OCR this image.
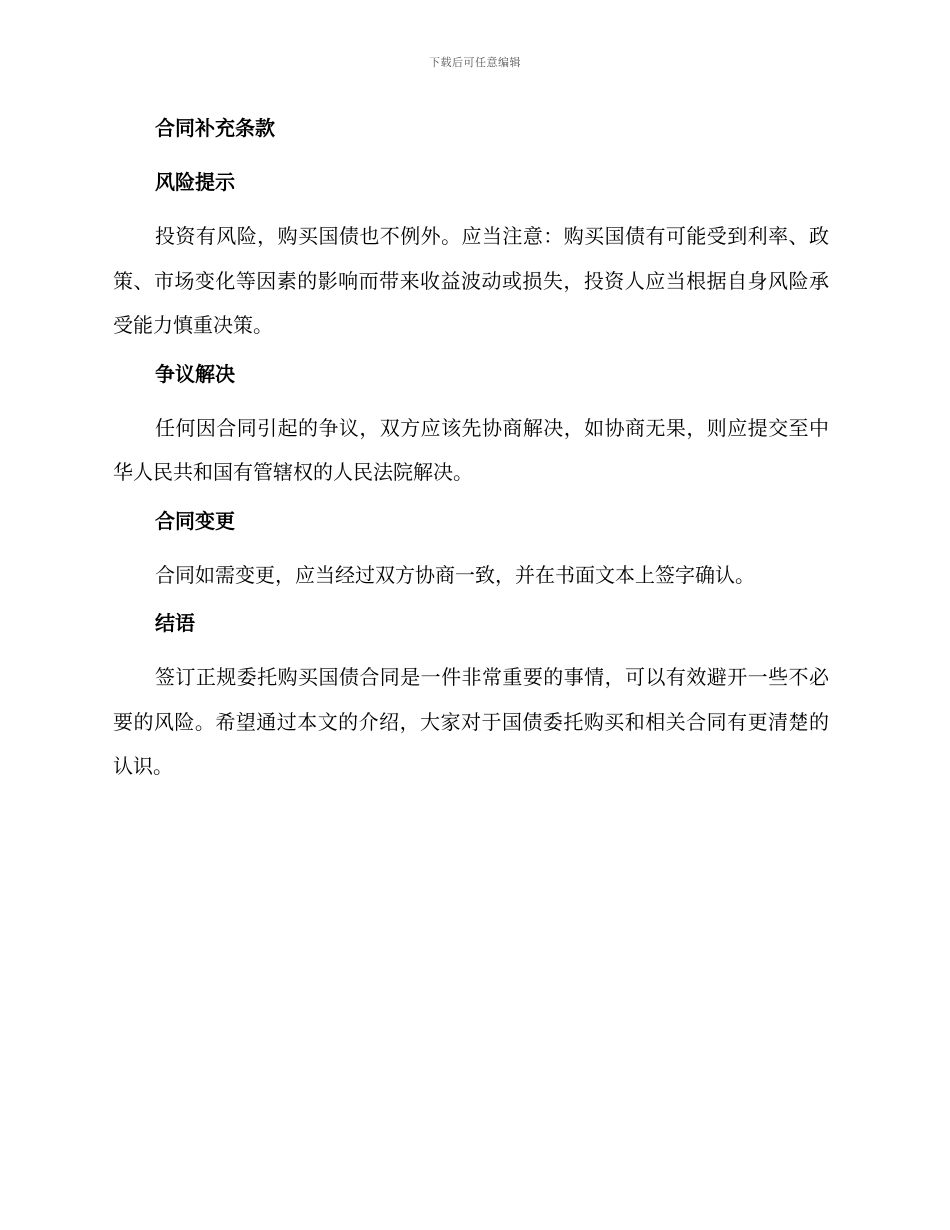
下载后可任意编辑
合同补充条款
风险提示
投资有风险，购买国债也不例外。应当注意：购买国债有可能受到利率、政策、市场变化等因素的影响而带来收益波动或损失，投资人应当根据自身风险承受能力慎重决策。
争议解决
任何因合同引起的争议，双方应该先协商解决，如协商无果，则应提交至中华人民共和国有管辖权的人民法院解决。
合同变更
合同如需变更，应当经过双方协商一致，并在书面文本上签字确认。
结语
签订正规委托购买国债合同是一件非常重要的事情，可以有效避开一些不必要的风险。希望通过本文的介绍，大家对于国债委托购买和相关合同有更清楚的认识。
